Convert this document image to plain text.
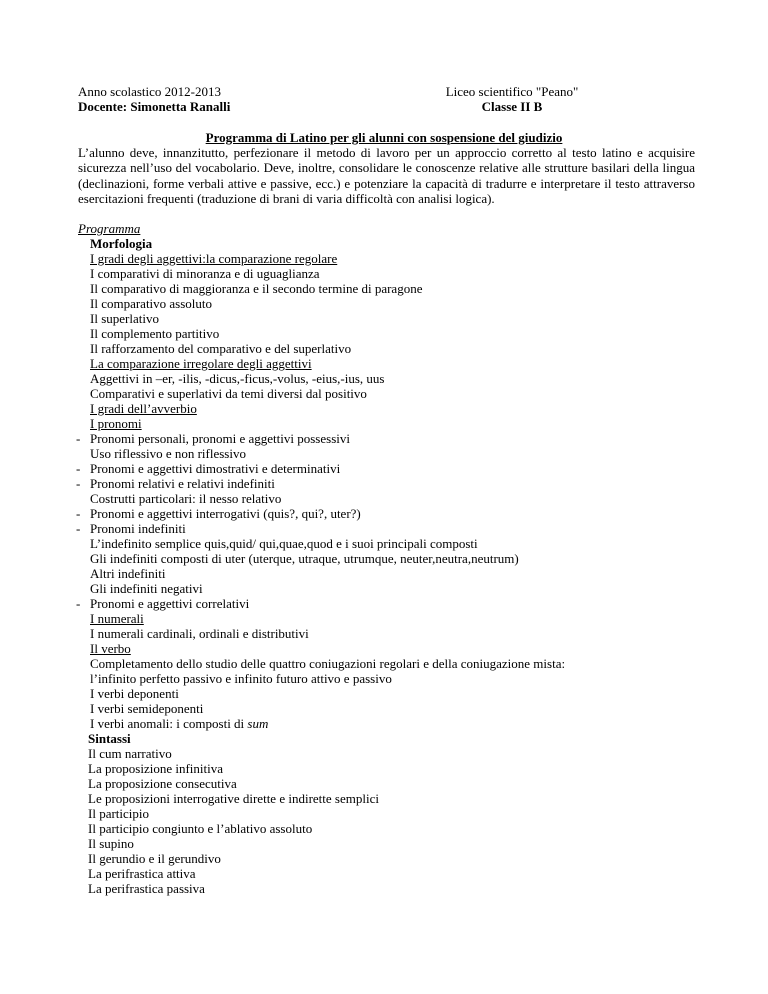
Anno scolastico 2012-2013
Docente: Simonetta Ranalli
Liceo scientifico "Peano"
Classe II B
Programma di Latino per gli alunni con sospensione del giudizio
L’alunno deve, innanzitutto, perfezionare il metodo di lavoro per un approccio corretto al testo latino e acquisire sicurezza nell’uso del vocabolario. Deve, inoltre, consolidare le conoscenze relative alle strutture basilari della lingua (declinazioni, forme verbali attive e passive, ecc.) e potenziare la capacità di tradurre e interpretare il testo attraverso esercitazioni frequenti (traduzione di brani di varia difficoltà con analisi logica).
Programma
Morfologia
I gradi degli aggettivi:la comparazione regolare
I comparativi di minoranza e di uguaglianza
Il comparativo di maggioranza e il secondo termine di paragone
Il comparativo assoluto
Il superlativo
Il complemento partitivo
Il rafforzamento del comparativo e del superlativo
La comparazione irregolare degli aggettivi
Aggettivi in –er, -ilis, -dicus,-ficus,-volus, -eius,-ius, uus
Comparativi e superlativi da temi diversi dal positivo
I gradi dell’avverbio
I pronomi
- Pronomi personali, pronomi e aggettivi possessivi
Uso riflessivo e non riflessivo
- Pronomi e aggettivi dimostrativi e determinativi
- Pronomi relativi e relativi indefiniti
Costrutti particolari: il nesso relativo
- Pronomi e aggettivi interrogativi (quis?, qui?, uter?)
- Pronomi indefiniti
L’indefinito semplice quis,quid/ qui,quae,quod e i suoi principali composti
Gli indefiniti composti di uter (uterque, utraque, utrumque, neuter,neutra,neutrum)
Altri indefiniti
Gli indefiniti negativi
- Pronomi e aggettivi correlativi
I numerali
I numerali cardinali, ordinali e distributivi
Il verbo
Completamento dello studio delle quattro coniugazioni regolari e della coniugazione mista:
l’infinito perfetto passivo e infinito futuro attivo e passivo
I verbi deponenti
I verbi semideponenti
I verbi anomali: i composti di sum
Sintassi
Il cum narrativo
La proposizione infinitiva
La proposizione consecutiva
Le proposizioni interrogative dirette e indirette semplici
Il participio
Il participio congiunto e l’ablativo assoluto
Il supino
Il gerundio e il gerundivo
La perifrastica attiva
La perifrastica passiva
